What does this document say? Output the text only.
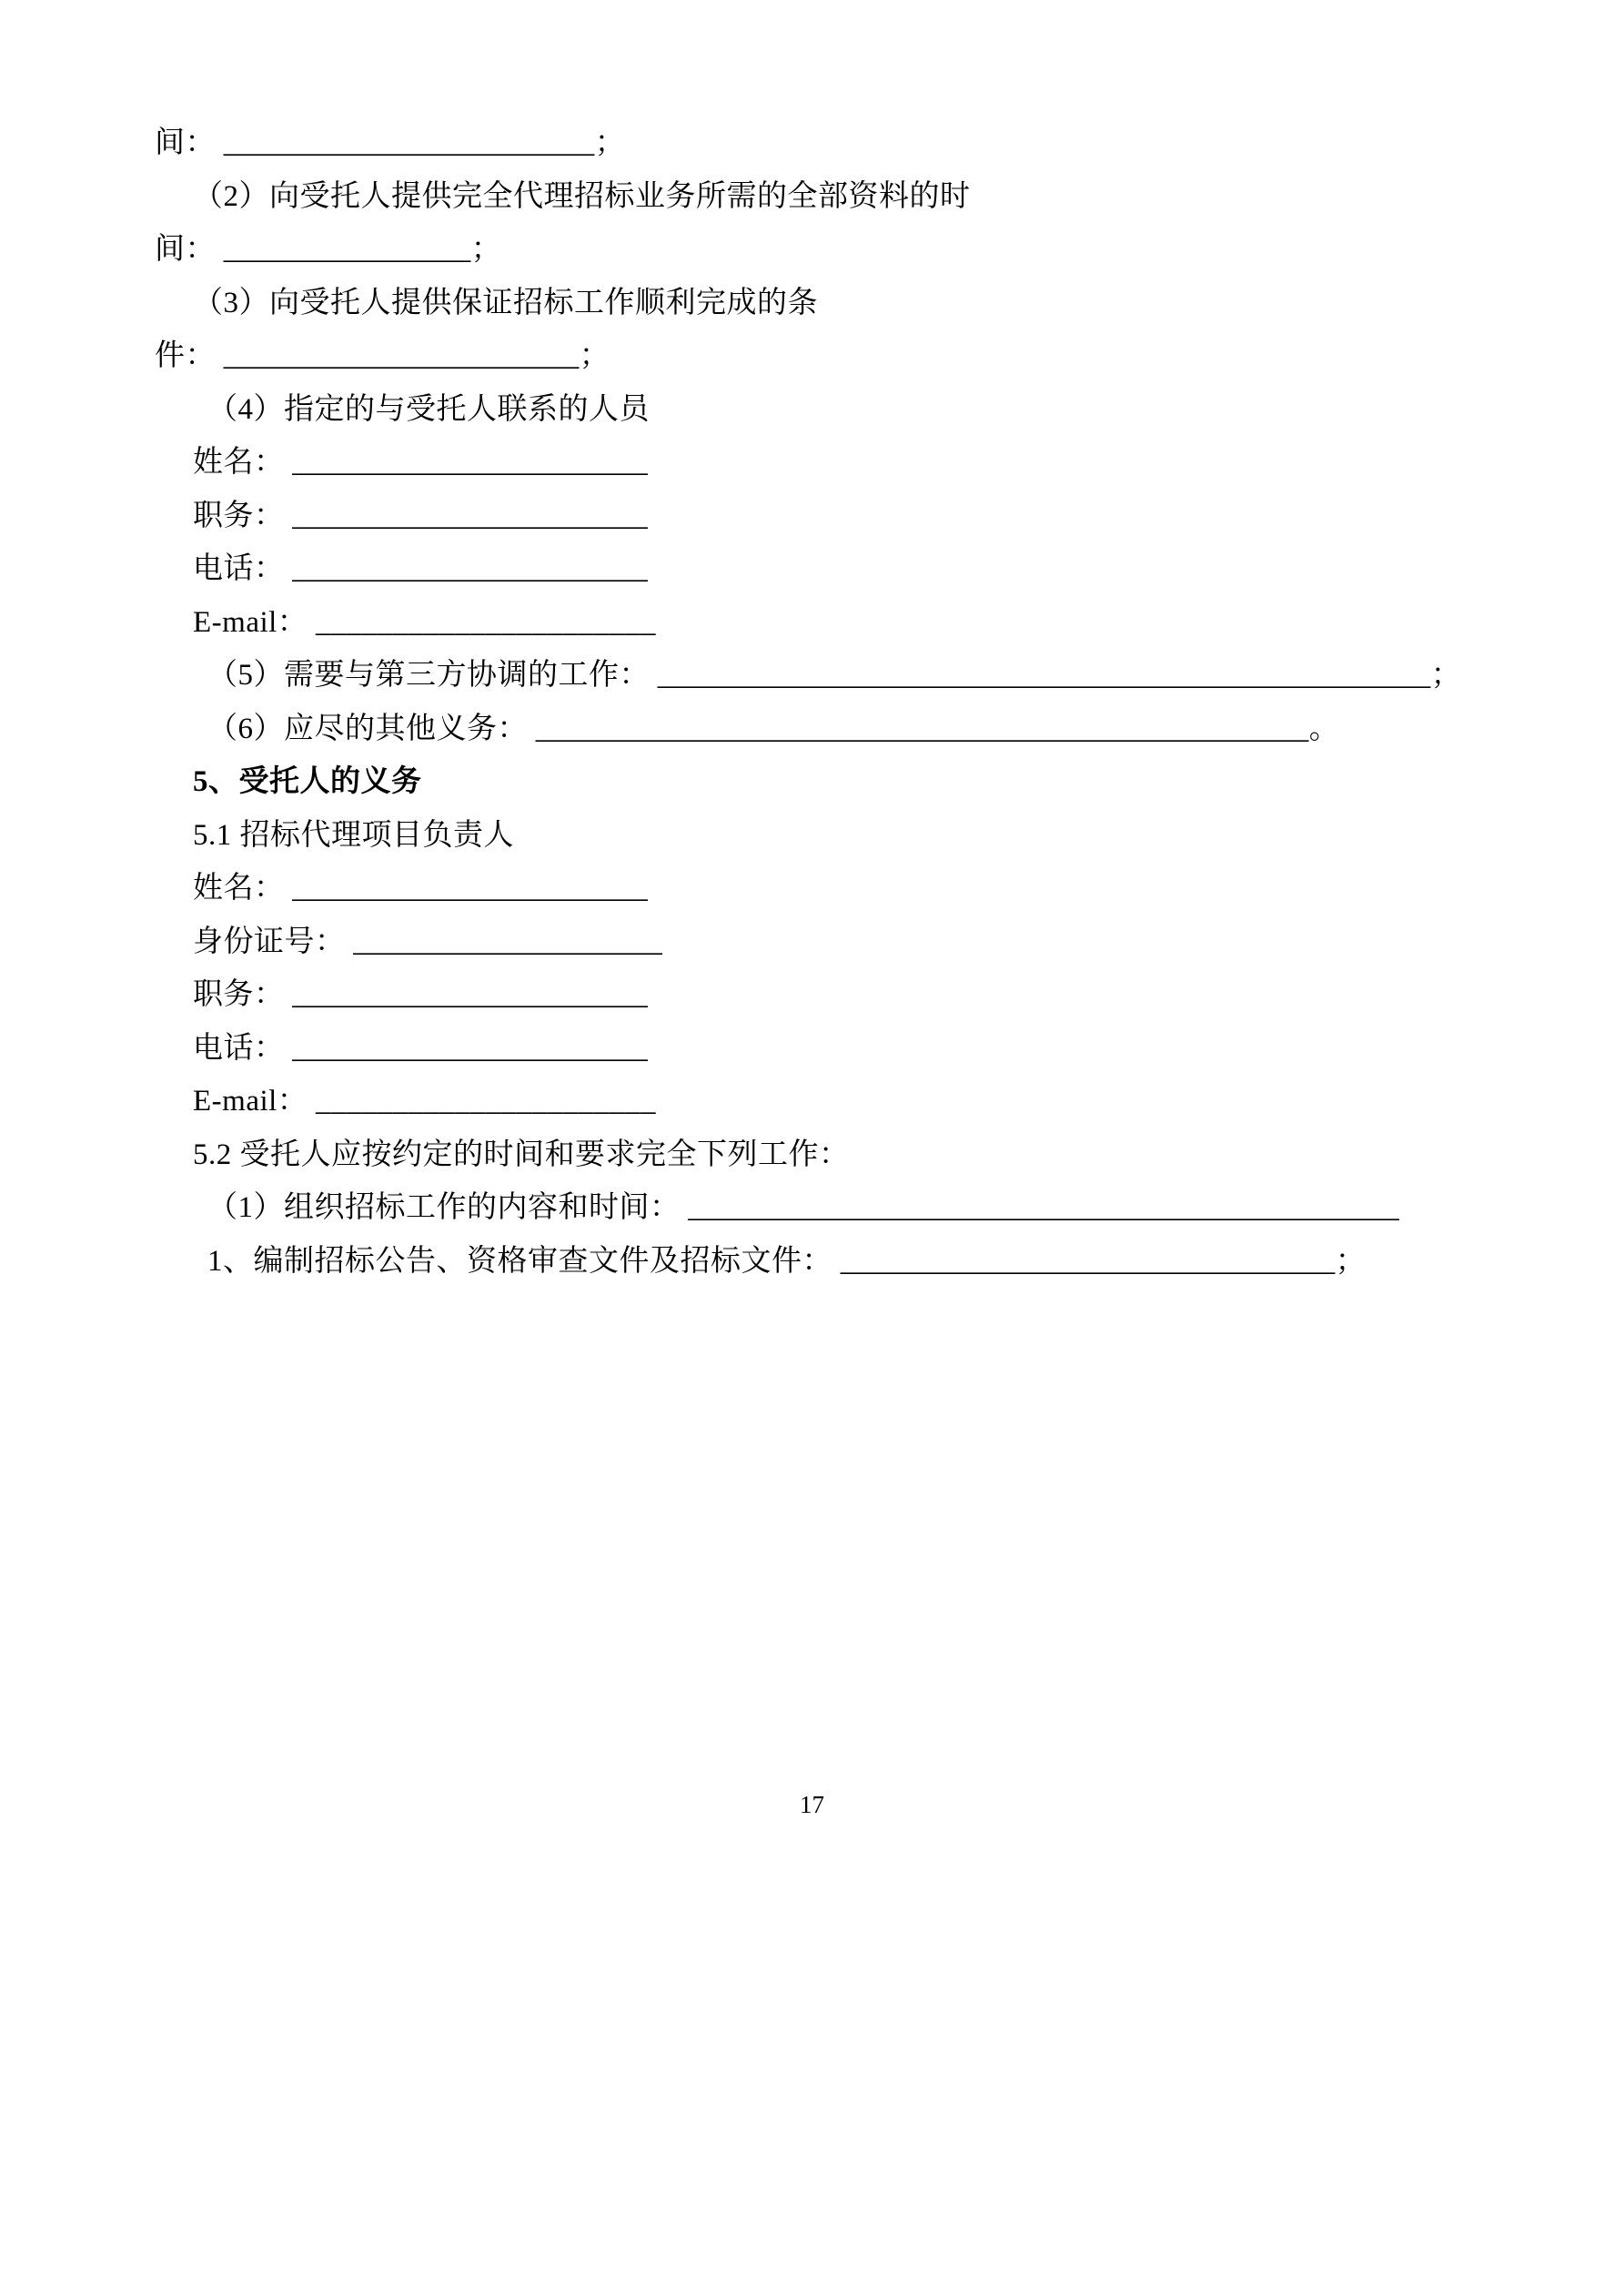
间： ________________________；

（2）向受托人提供完全代理招标业务所需的全部资料的时

间： ________________；

（3）向受托人提供保证招标工作顺利完成的条

件： _______________________；

（4）指定的与受托人联系的人员

姓名： _______________________

职务： _______________________

电话： _______________________

E-mail： ______________________

（5）需要与第三方协调的工作： __________________________________________________；

（6）应尽的其他义务： __________________________________________________。

5、受托人的义务

5.1 招标代理项目负责人

姓名： _______________________

身份证号： ____________________

职务： _______________________

电话： _______________________

E-mail： ______________________

5.2 受托人应按约定的时间和要求完全下列工作：

（1）组织招标工作的内容和时间： ______________________________________________

1、编制招标公告、资格审查文件及招标文件： ________________________________；

17
